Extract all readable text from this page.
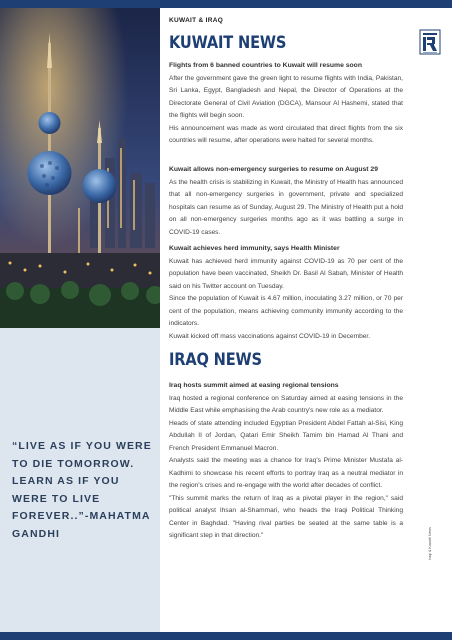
“LIVE AS IF YOU WERE TO DIE TOMORROW. LEARN AS IF YOU WERE TO LIVE FOREVER..”-MAHATMA GANDHI
KUWAIT & IRAQ
KUWAIT NEWS
Flights from 6 banned countries to Kuwait will resume soon
After the government gave the green light to resume flights with India, Pakistan, Sri Lanka, Egypt, Bangladesh and Nepal, the Director of Operations at the Directorate General of Civil Aviation (DGCA), Mansour Al Hashemi, stated that the flights will begin soon.
His announcement was made as word circulated that direct flights from the six countries will resume, after operations were halted for several months.
Kuwait allows non-emergency surgeries to resume on August 29
As the health crisis is stabilizing in Kuwait, the Ministry of Health has announced that all non-emergency surgeries in government, private and specialized hospitals can resume as of Sunday, August 29. The Ministry of Health put a hold on all non-emergency surgeries months ago as it was battling a surge in COVID-19 cases.
Kuwait achieves herd immunity, says Health Minister
Kuwait has achieved herd immunity against COVID-19 as 70 per cent of the population have been vaccinated, Sheikh Dr. Basil Al Sabah, Minister of Health said on his Twitter account on Tuesday.
Since the population of Kuwait is 4.67 million, inoculating 3.27 million, or 70 per cent of the population, means achieving community immunity according to the indicators.
Kuwait kicked off mass vaccinations against COVID-19 in December.
IRAQ NEWS
Iraq hosts summit aimed at easing regional tensions
Iraq hosted a regional conference on Saturday aimed at easing tensions in the Middle East while emphasising the Arab country's new role as a mediator.
Heads of state attending included Egyptian President Abdel Fattah al-Sisi, King Abdullah II of Jordan, Qatari Emir Sheikh Tamim bin Hamad Al Thani and French President Emmanuel Macron.
Analysts said the meeting was a chance for Iraq's Prime Minister Mustafa al-Kadhimi to showcase his recent efforts to portray Iraq as a neutral mediator in the region's crises and re-engage with the world after decades of conflict.
"This summit marks the return of Iraq as a pivotal player in the region," said political analyst Ihsan al-Shammari, who heads the Iraqi Political Thinking Center in Baghdad. "Having rival parties be seated at the same table is a significant step in that direction."	Iraqi & Kuwaiti News
